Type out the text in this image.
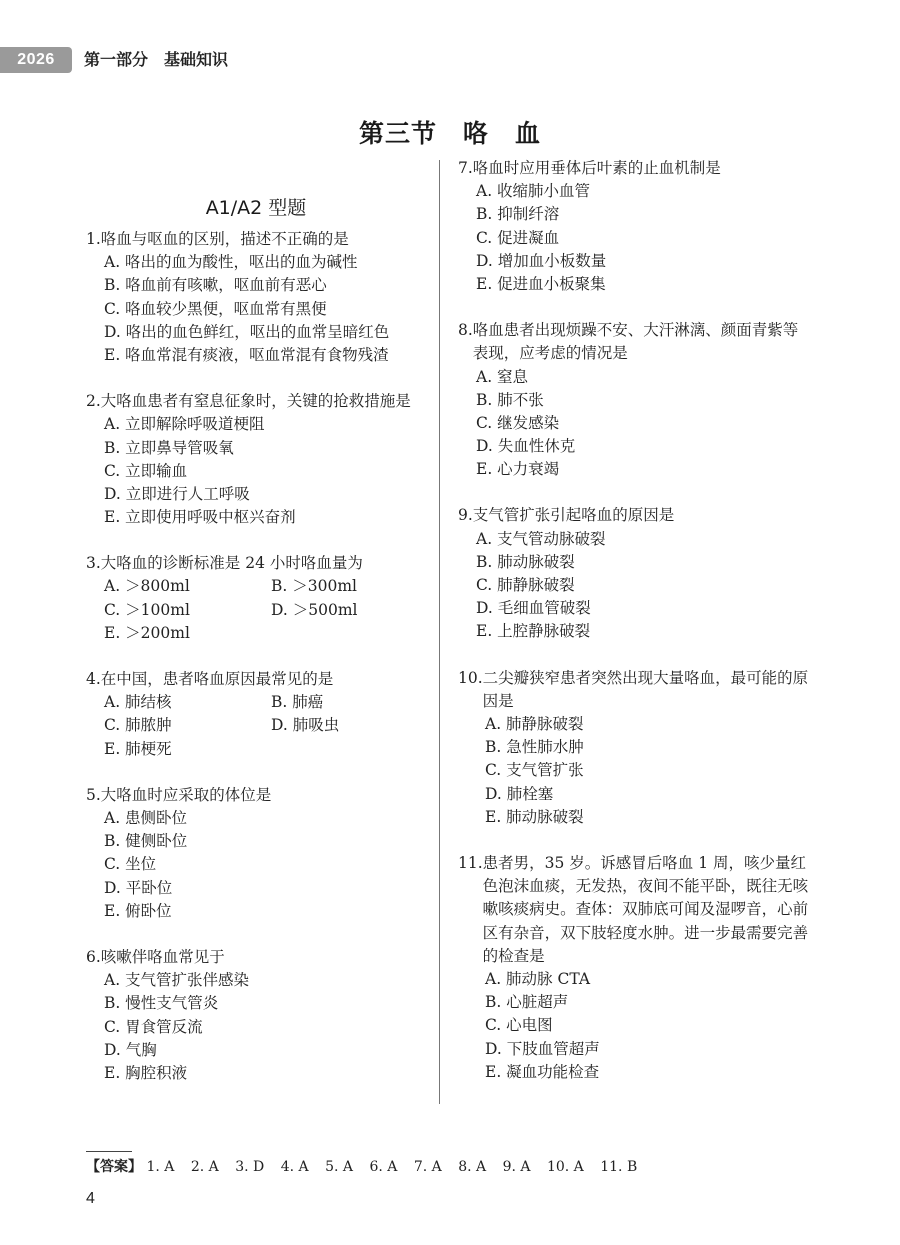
2026	第一部分　基础知识
第三节　咯　血
A1/A2 型题
1. 咯血与呕血的区别，描述不正确的是
A. 咯出的血为酸性，呕出的血为碱性
B. 咯血前有咳嗽，呕血前有恶心
C. 咯血较少黑便，呕血常有黑便
D. 咯出的血色鲜红，呕出的血常呈暗红色
E. 咯血常混有痰液，呕血常混有食物残渣
2. 大咯血患者有窒息征象时，关键的抢救措施是
A. 立即解除呼吸道梗阻
B. 立即鼻导管吸氧
C. 立即输血
D. 立即进行人工呼吸
E. 立即使用呼吸中枢兴奋剂
3. 大咯血的诊断标准是 24 小时咯血量为
A. ＞800ml	B. ＞300ml
C. ＞100ml	D. ＞500ml
E. ＞200ml
4. 在中国，患者咯血原因最常见的是
A. 肺结核	B. 肺癌
C. 肺脓肿	D. 肺吸虫
E. 肺梗死
5. 大咯血时应采取的体位是
A. 患侧卧位
B. 健侧卧位
C. 坐位
D. 平卧位
E. 俯卧位
6. 咳嗽伴咯血常见于
A. 支气管扩张伴感染
B. 慢性支气管炎
C. 胃食管反流
D. 气胸
E. 胸腔积液
7. 咯血时应用垂体后叶素的止血机制是
A. 收缩肺小血管
B. 抑制纤溶
C. 促进凝血
D. 增加血小板数量
E. 促进血小板聚集
8. 咯血患者出现烦躁不安、大汗淋漓、颜面青紫等表现，应考虑的情况是
A. 窒息
B. 肺不张
C. 继发感染
D. 失血性休克
E. 心力衰竭
9. 支气管扩张引起咯血的原因是
A. 支气管动脉破裂
B. 肺动脉破裂
C. 肺静脉破裂
D. 毛细血管破裂
E. 上腔静脉破裂
10. 二尖瓣狭窄患者突然出现大量咯血，最可能的原因是
A. 肺静脉破裂
B. 急性肺水肿
C. 支气管扩张
D. 肺栓塞
E. 肺动脉破裂
11. 患者男，35 岁。诉感冒后咯血 1 周，咳少量红色泡沫血痰，无发热，夜间不能平卧，既往无咳嗽咳痰病史。查体：双肺底可闻及湿啰音，心前区有杂音，双下肢轻度水肿。进一步最需要完善的检查是
A. 肺动脉 CTA
B. 心脏超声
C. 心电图
D. 下肢血管超声
E. 凝血功能检查
【答案】 1. A 2. A 3. D 4. A 5. A 6. A 7. A 8. A 9. A 10. A 11. B
4
